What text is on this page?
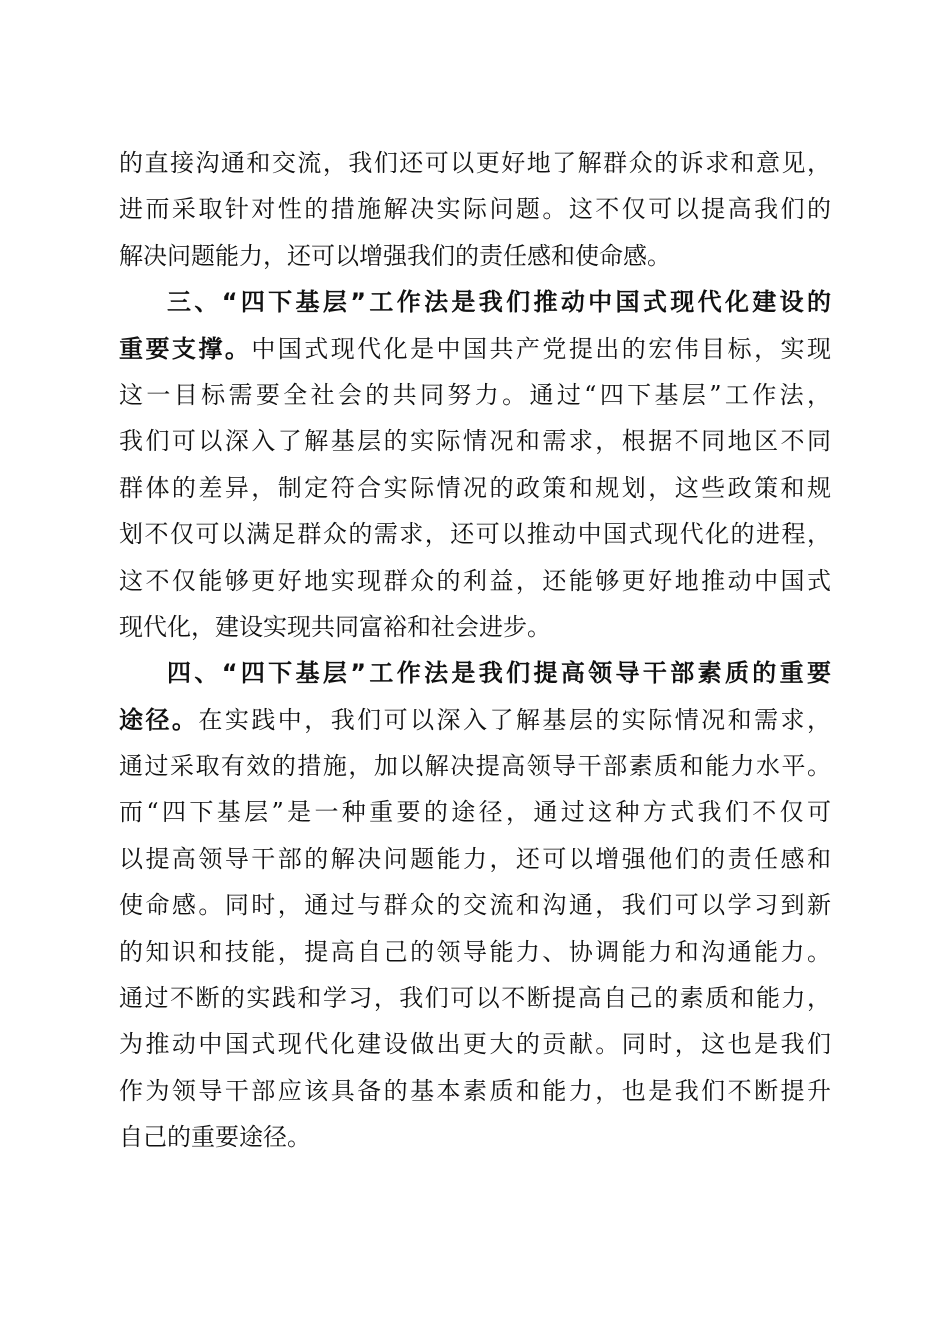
的直接沟通和交流，我们还可以更好地了解群众的诉求和意见，
进而采取针对性的措施解决实际问题。这不仅可以提高我们的
解决问题能力，还可以增强我们的责任感和使命感。
三、“四下基层”工作法是我们推动中国式现代化建设的
重要支撑。中国式现代化是中国共产党提出的宏伟目标，实现
这一目标需要全社会的共同努力。通过“四下基层”工作法，
我们可以深入了解基层的实际情况和需求，根据不同地区不同
群体的差异，制定符合实际情况的政策和规划，这些政策和规
划不仅可以满足群众的需求，还可以推动中国式现代化的进程，
这不仅能够更好地实现群众的利益，还能够更好地推动中国式
现代化，建设实现共同富裕和社会进步。
四、“四下基层”工作法是我们提高领导干部素质的重要
途径。在实践中，我们可以深入了解基层的实际情况和需求，
通过采取有效的措施，加以解决提高领导干部素质和能力水平。
而“四下基层”是一种重要的途径，通过这种方式我们不仅可
以提高领导干部的解决问题能力，还可以增强他们的责任感和
使命感。同时，通过与群众的交流和沟通，我们可以学习到新
的知识和技能，提高自己的领导能力、协调能力和沟通能力。
通过不断的实践和学习，我们可以不断提高自己的素质和能力，
为推动中国式现代化建设做出更大的贡献。同时，这也是我们
作为领导干部应该具备的基本素质和能力，也是我们不断提升
自己的重要途径。
